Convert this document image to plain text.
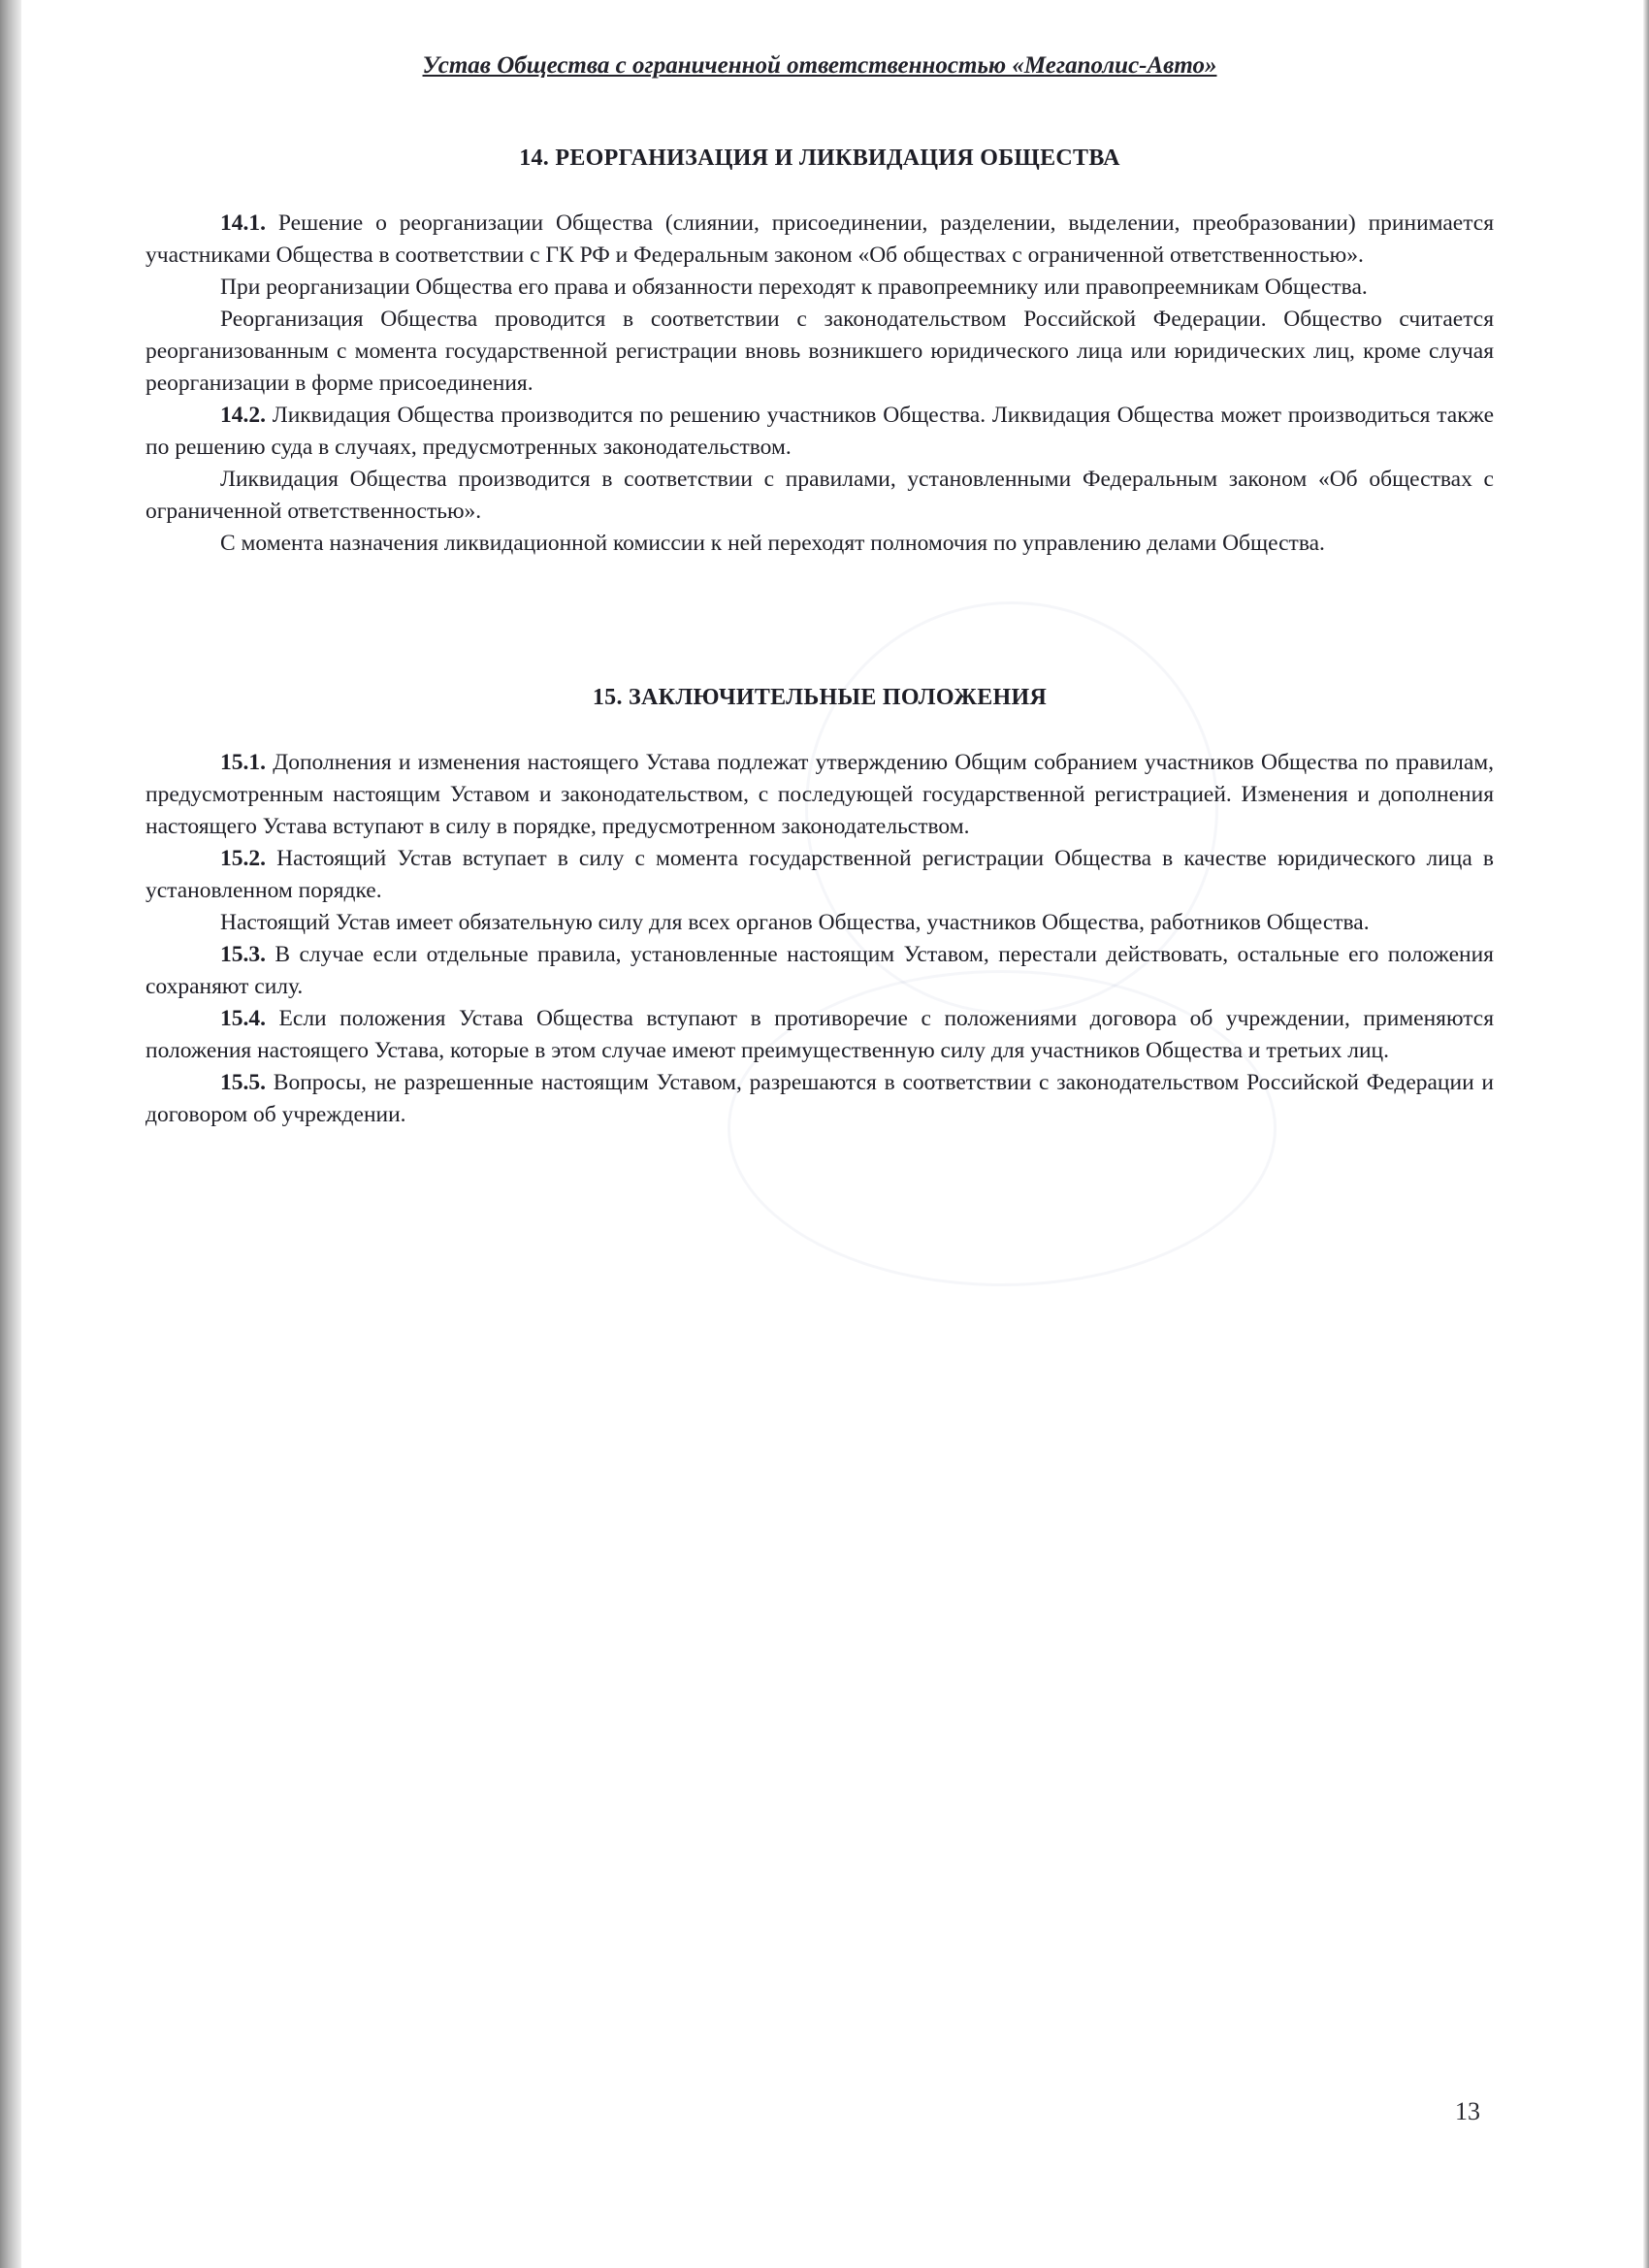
Устав Общества с ограниченной ответственностью «Мегаполис-Авто»
14. РЕОРГАНИЗАЦИЯ И ЛИКВИДАЦИЯ ОБЩЕСТВА

14.1. Решение о реорганизации Общества (слиянии, присоединении, разделении, выделении, преобразовании) принимается участниками Общества в соответствии с ГК РФ и Федеральным законом «Об обществах с ограниченной ответственностью».

При реорганизации Общества его права и обязанности переходят к правопреемнику или правопреемникам Общества.

Реорганизация Общества проводится в соответствии с законодательством Российской Федерации. Общество считается реорганизованным с момента государственной регистрации вновь возникшего юридического лица или юридических лиц, кроме случая реорганизации в форме присоединения.

14.2. Ликвидация Общества производится по решению участников Общества. Ликвидация Общества может производиться также по решению суда в случаях, предусмотренных законодательством.

Ликвидация Общества производится в соответствии с правилами, установленными Федеральным законом «Об обществах с ограниченной ответственностью».

С момента назначения ликвидационной комиссии к ней переходят полномочия по управлению делами Общества.

15. ЗАКЛЮЧИТЕЛЬНЫЕ ПОЛОЖЕНИЯ

15.1. Дополнения и изменения настоящего Устава подлежат утверждению Общим собранием участников Общества по правилам, предусмотренным настоящим Уставом и законодательством, с последующей государственной регистрацией. Изменения и дополнения настоящего Устава вступают в силу в порядке, предусмотренном законодательством.

15.2. Настоящий Устав вступает в силу с момента государственной регистрации Общества в качестве юридического лица в установленном порядке.

Настоящий Устав имеет обязательную силу для всех органов Общества, участников Общества, работников Общества.

15.3. В случае если отдельные правила, установленные настоящим Уставом, перестали действовать, остальные его положения сохраняют силу.

15.4. Если положения Устава Общества вступают в противоречие с положениями договора об учреждении, применяются положения настоящего Устава, которые в этом случае имеют преимущественную силу для участников Общества и третьих лиц.

15.5. Вопросы, не разрешенные настоящим Уставом, разрешаются в соответствии с законодательством Российской Федерации и договором об учреждении.

13
